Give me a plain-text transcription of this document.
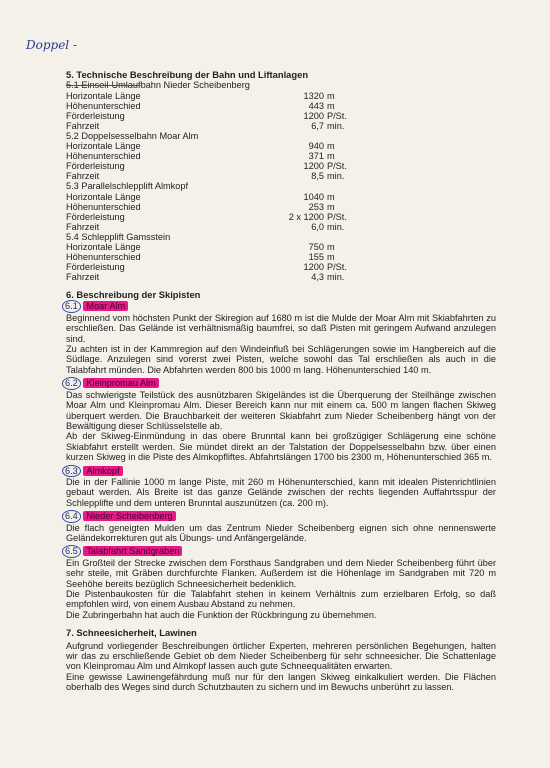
Doppel -
5. Technische Beschreibung der Bahn und Liftanlagen
5.1 Einseil-Umlaufbahn Nieder Scheibenberg
Horizontale Länge	1320	m
Höhenunterschied	443	m
Förderleistung	1200	P/St.
Fahrzeit	6,7	min.
5.2 Doppelsesselbahn Moar Alm
Horizontale Länge	940	m
Höhenunterschied	371	m
Förderleistung	1200	P/St.
Fahrzeit	8,5	min.
5.3 Parallelschlepplift Almkopf
Horizontale Länge	1040	m
Höhenunterschied	253	m
Förderleistung	2 x 1200	P/St.
Fahrzeit	6,0	min.
5.4 Schlepplift Gamsstein
Horizontale Länge	750	m
Höhenunterschied	155	m
Förderleistung	1200	P/St.
Fahrzeit	4,3	min.
6. Beschreibung der Skipisten
6.1 Moar Alm

Beginnend vom höchsten Punkt der Skiregion auf 1680 m ist die Mulde der Moar Alm mit Skiabfahrten zu erschließen. Das Gelände ist verhältnismäßig baumfrei, so daß Pisten mit geringem Aufwand anzulegen sind.

Zu achten ist in der Kammregion auf den Windeinfluß bei Schlägerungen sowie im Hangbereich auf die Südlage. Anzulegen sind vorerst zwei Pisten, welche sowohl das Tal erschließen als auch in die Talabfahrt münden. Die Abfahrten werden 800 bis 1000 m lang. Höhenunterschied 140 m.

6.2 Kleinpromau Alm

Das schwierigste Teilstück des ausnützbaren Skigeländes ist die Überquerung der Steilhänge zwischen Moar Alm und Kleinpromau Alm. Dieser Bereich kann nur mit einem ca. 500 m langen flachen Skiweg überquert werden. Die Brauchbarkeit der weiteren Skiabfahrt zum Nieder Scheibenberg hängt von der Bewältigung dieser Schlüsselstelle ab.

Ab der Skiweg-Einmündung in das obere Brunntal kann bei großzügiger Schlägerung eine schöne Skiabfahrt erstellt werden. Sie mündet direkt an der Talstation der Doppelsesselbahn bzw. über einen kurzen Skiweg in die Piste des Almkopfliftes. Abfahrtslängen 1700 bis 2300 m, Höhenunterschied 365 m.

6.3 Almkopf

Die in der Fallinie 1000 m lange Piste, mit 260 m Höhenunterschied, kann mit idealen Pistenrichtlinien gebaut werden. Als Breite ist das ganze Gelände zwischen der rechts liegenden Auffahrtsspur der Schlepplifte und dem unteren Brunntal auszunützen (ca. 200 m).

6.4 Nieder Scheibenberg

Die flach geneigten Mulden um das Zentrum Nieder Scheibenberg eignen sich ohne nennenswerte Geländekorrekturen gut als Übungs- und Anfängergelände.

6.5 Talabfahrt Sandgraben

Ein Großteil der Strecke zwischen dem Forsthaus Sandgraben und dem Nieder Scheibenberg führt über sehr steile, mit Gräben durchfurchte Flanken. Außerdem ist die Höhenlage im Sandgraben mit 720 m Seehöhe bereits bezüglich Schneesicherheit bedenklich.

Die Pistenbaukosten für die Talabfahrt stehen in keinem Verhältnis zum erzielbaren Erfolg, so daß empfohlen wird, von einem Ausbau Abstand zu nehmen.

Die Zubringerbahn hat auch die Funktion der Rückbringung zu übernehmen.

7. Schneesicherheit, Lawinen

Aufgrund vorliegender Beschreibungen örtlicher Experten, mehreren persönlichen Begehungen, halten wir das zu erschließende Gebiet ob dem Nieder Scheibenberg für sehr schneesicher. Die Schattenlage von Kleinpromau Alm und Almkopf lassen auch gute Schneequalitäten erwarten.

Eine gewisse Lawinengefährdung muß nur für den langen Skiweg einkalkuliert werden. Die Flächen oberhalb des Weges sind durch Schutzbauten zu sichern und im Bewuchs unberührt zu lassen.
